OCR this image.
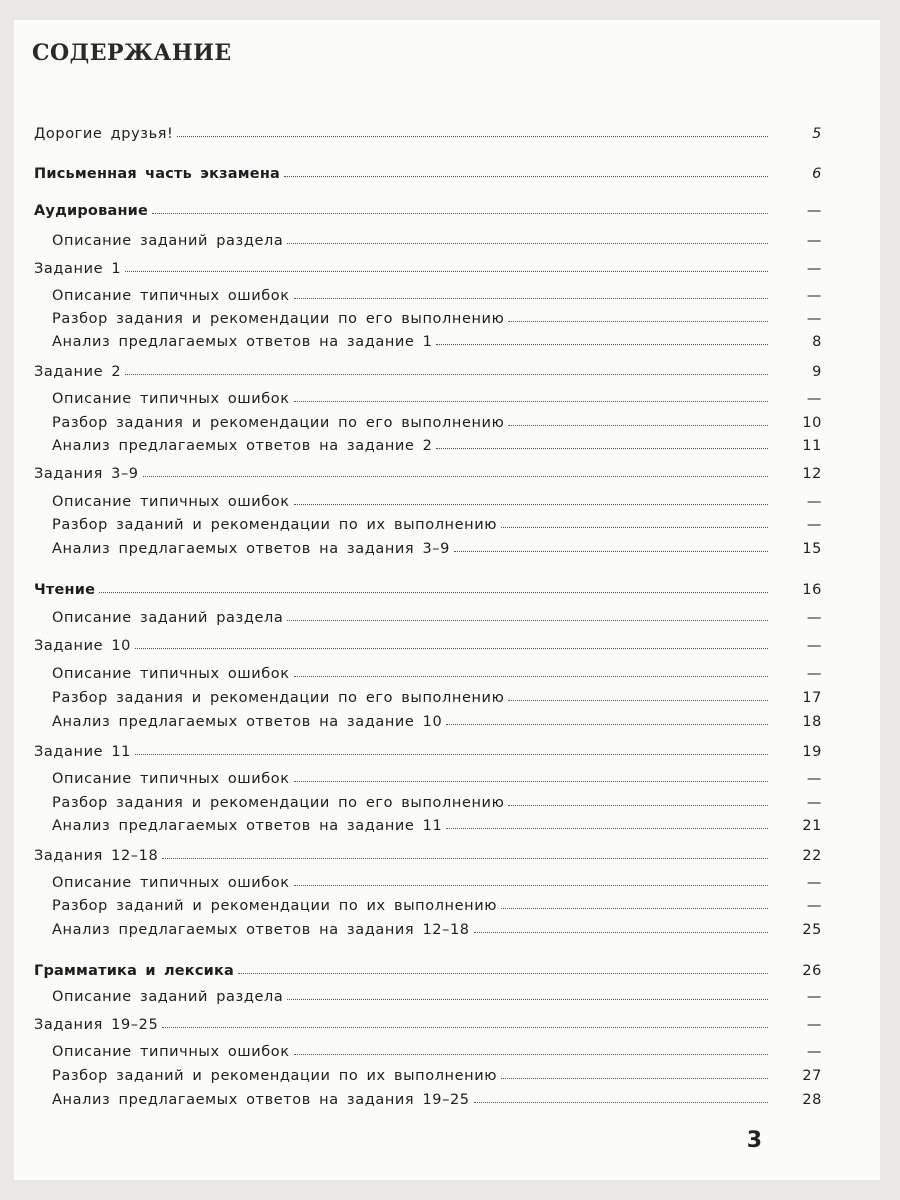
СОДЕРЖАНИЕ
Дорогие друзья!	5
Письменная часть экзамена	6
Аудирование	—
Описание заданий раздела	—
Задание 1	—
Описание типичных ошибок	—
Разбор задания и рекомендации по его выполнению	—
Анализ предлагаемых ответов на задание 1	8
Задание 2	9
Описание типичных ошибок	—
Разбор задания и рекомендации по его выполнению	10
Анализ предлагаемых ответов на задание 2	11
Задания 3–9	12
Описание типичных ошибок	—
Разбор заданий и рекомендации по их выполнению	—
Анализ предлагаемых ответов на задания 3–9	15
Чтение	16
Описание заданий раздела	—
Задание 10	—
Описание типичных ошибок	—
Разбор задания и рекомендации по его выполнению	17
Анализ предлагаемых ответов на задание 10	18
Задание 11	19
Описание типичных ошибок	—
Разбор задания и рекомендации по его выполнению	—
Анализ предлагаемых ответов на задание 11	21
Задания 12–18	22
Описание типичных ошибок	—
Разбор заданий и рекомендации по их выполнению	—
Анализ предлагаемых ответов на задания 12–18	25
Грамматика и лексика	26
Описание заданий раздела	—
Задания 19–25	—
Описание типичных ошибок	—
Разбор заданий и рекомендации по их выполнению	27
Анализ предлагаемых ответов на задания 19–25	28
3
